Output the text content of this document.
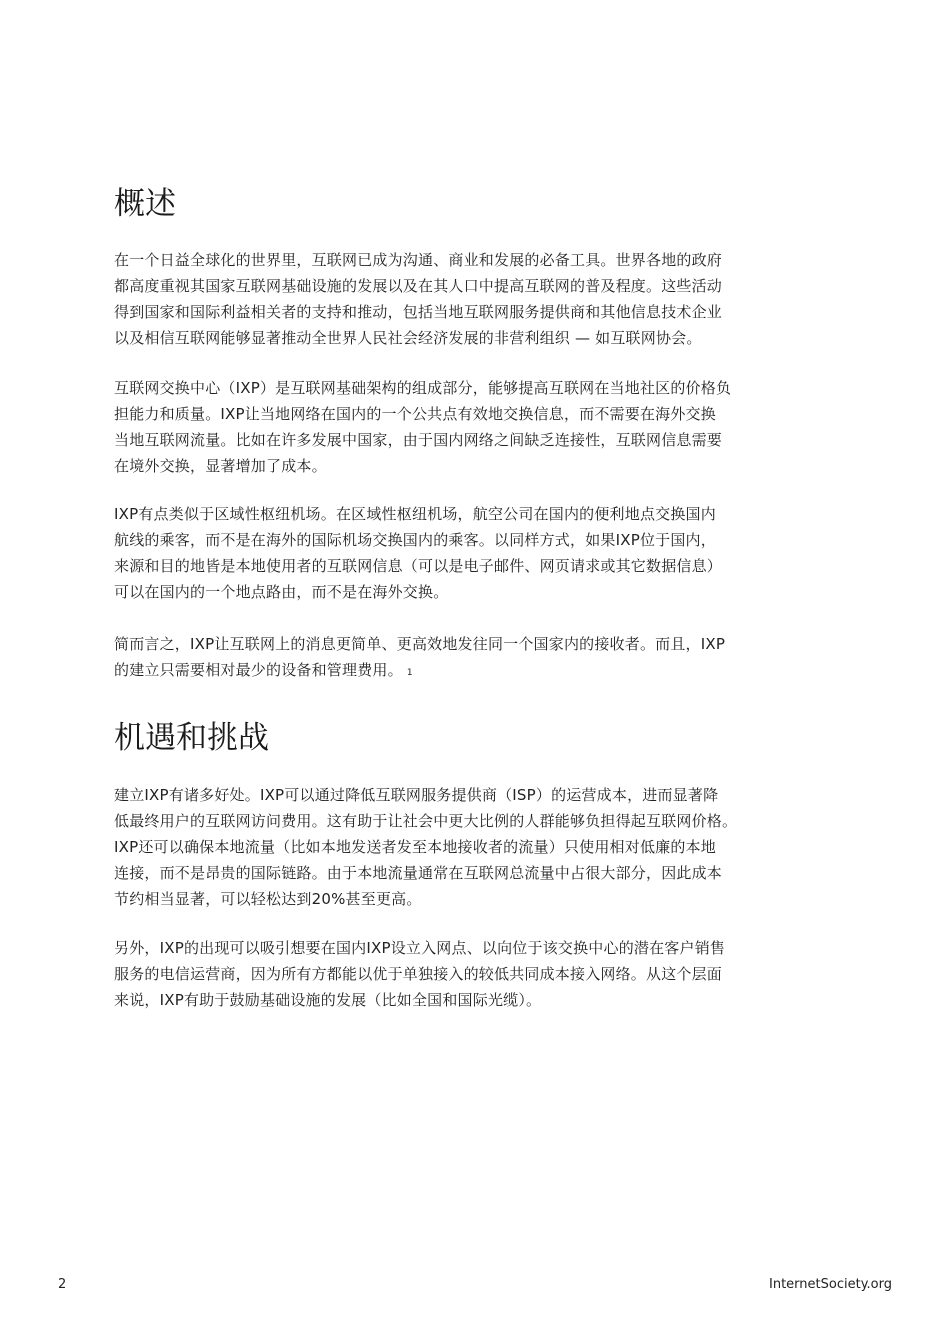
概述
在一个日益全球化的世界里，互联网已成为沟通、商业和发展的必备工具。世界各地的政府
都高度重视其国家互联网基础设施的发展以及在其人口中提高互联网的普及程度。这些活动
得到国家和国际利益相关者的支持和推动，包括当地互联网服务提供商和其他信息技术企业
以及相信互联网能够显著推动全世界人民社会经济发展的非营利组织 — 如互联网协会。
互联网交换中心（IXP）是互联网基础架构的组成部分，能够提高互联网在当地社区的价格负
担能力和质量。IXP让当地网络在国内的一个公共点有效地交换信息，而不需要在海外交换
当地互联网流量。比如在许多发展中国家，由于国内网络之间缺乏连接性，互联网信息需要
在境外交换，显著增加了成本。
IXP有点类似于区域性枢纽机场。在区域性枢纽机场，航空公司在国内的便利地点交换国内
航线的乘客，而不是在海外的国际机场交换国内的乘客。以同样方式，如果IXP位于国内，
来源和目的地皆是本地使用者的互联网信息（可以是电子邮件、网页请求或其它数据信息）
可以在国内的一个地点路由，而不是在海外交换。
简而言之，IXP让互联网上的消息更简单、更高效地发往同一个国家内的接收者。而且，IXP
的建立只需要相对最少的设备和管理费用。 1
机遇和挑战
建立IXP有诸多好处。IXP可以通过降低互联网服务提供商（ISP）的运营成本，进而显著降
低最终用户的互联网访问费用。这有助于让社会中更大比例的人群能够负担得起互联网价格。
IXP还可以确保本地流量（比如本地发送者发至本地接收者的流量）只使用相对低廉的本地
连接，而不是昂贵的国际链路。由于本地流量通常在互联网总流量中占很大部分，因此成本
节约相当显著，可以轻松达到20%甚至更高。
另外，IXP的出现可以吸引想要在国内IXP设立入网点、以向位于该交换中心的潜在客户销售
服务的电信运营商，因为所有方都能以优于单独接入的较低共同成本接入网络。从这个层面
来说，IXP有助于鼓励基础设施的发展（比如全国和国际光缆）。
2	InternetSociety.org
